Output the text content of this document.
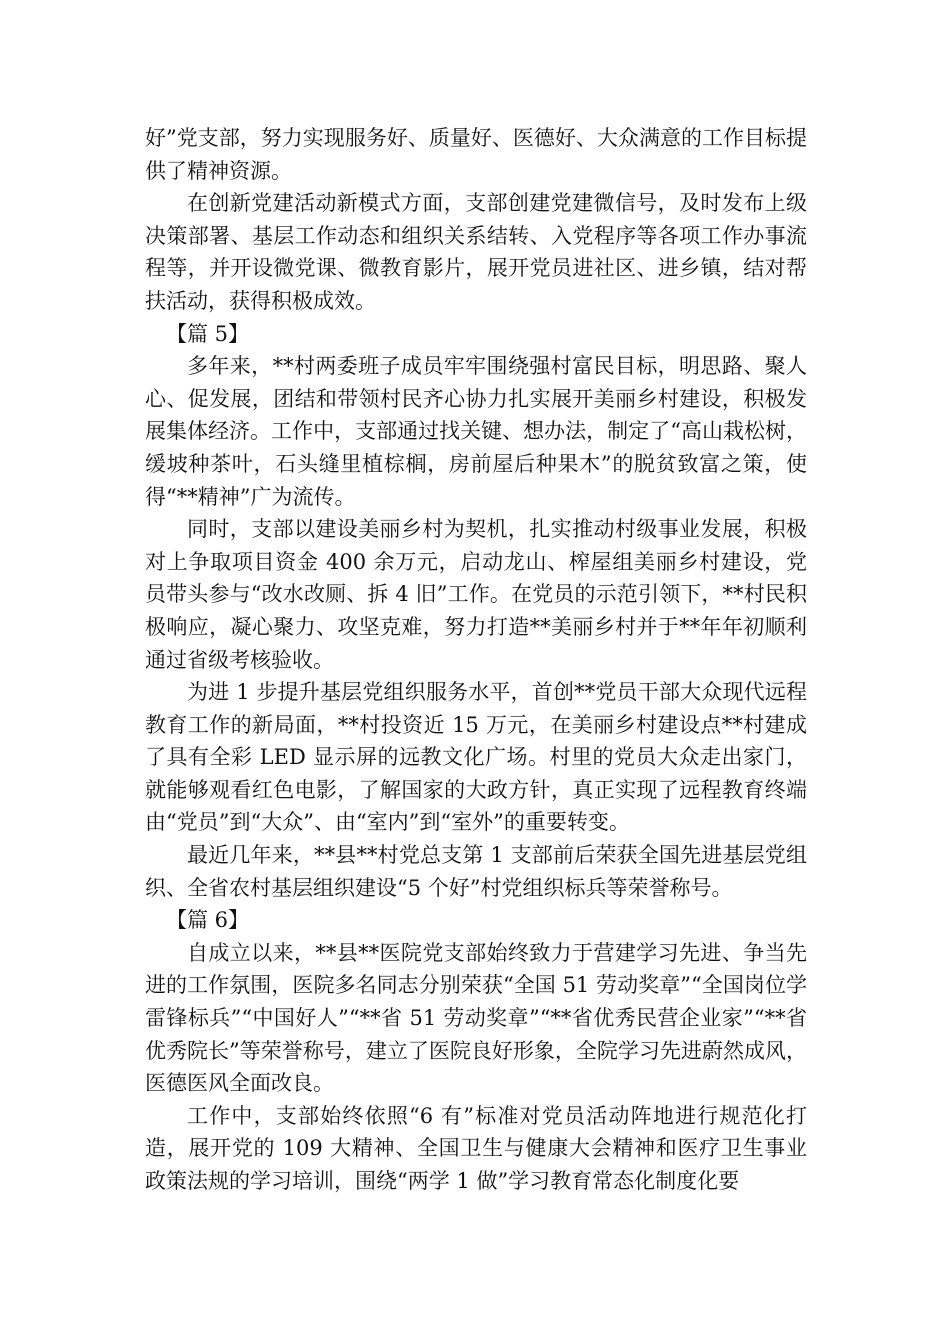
好”党支部，努力实现服务好、质量好、医德好、大众满意的工作目标提供了精神资源。

在创新党建活动新模式方面，支部创建党建微信号，及时发布上级决策部署、基层工作动态和组织关系结转、入党程序等各项工作办事流程等，并开设微党课、微教育影片，展开党员进社区、进乡镇，结对帮扶活动，获得积极成效。

【篇 5】

多年来，**村两委班子成员牢牢围绕强村富民目标，明思路、聚人心、促发展，团结和带领村民齐心协力扎实展开美丽乡村建设，积极发展集体经济。工作中，支部通过找关键、想办法，制定了“高山栽松树，缓坡种茶叶，石头缝里植棕榈，房前屋后种果木”的脱贫致富之策，使得“**精神”广为流传。

同时，支部以建设美丽乡村为契机，扎实推动村级事业发展，积极对上争取项目资金 400 余万元，启动龙山、榨屋组美丽乡村建设，党员带头参与“改水改厕、拆 4 旧”工作。在党员的示范引领下，**村民积极响应，凝心聚力、攻坚克难，努力打造**美丽乡村并于**年年初顺利通过省级考核验收。

为进 1 步提升基层党组织服务水平，首创**党员干部大众现代远程教育工作的新局面，**村投资近 15 万元，在美丽乡村建设点**村建成了具有全彩 LED 显示屏的远教文化广场。村里的党员大众走出家门，就能够观看红色电影，了解国家的大政方针，真正实现了远程教育终端由“党员”到“大众”、由“室内”到“室外”的重要转变。

最近几年来，**县**村党总支第 1 支部前后荣获全国先进基层党组织、全省农村基层组织建设“5 个好”村党组织标兵等荣誉称号。

【篇 6】

自成立以来，**县**医院党支部始终致力于营建学习先进、争当先进的工作氛围，医院多名同志分别荣获“全国 51 劳动奖章”“全国岗位学雷锋标兵”“中国好人”“**省 51 劳动奖章”“**省优秀民营企业家”“**省优秀院长”等荣誉称号，建立了医院良好形象，全院学习先进蔚然成风，医德医风全面改良。

工作中，支部始终依照“6 有”标准对党员活动阵地进行规范化打造，展开党的 109 大精神、全国卫生与健康大会精神和医疗卫生事业政策法规的学习培训，围绕“两学 1 做”学习教育常态化制度化要
